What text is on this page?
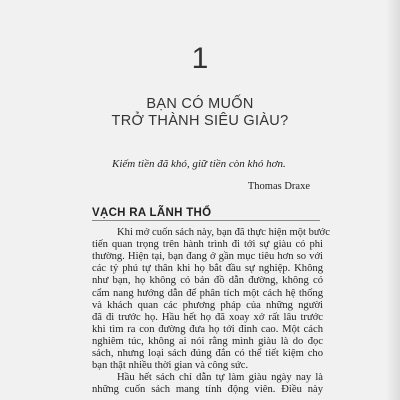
1
BẠN CÓ MUỐN
TRỞ THÀNH SIÊU GIÀU?
Kiếm tiền đã khó, giữ tiền còn khó hơn.
Thomas Draxe
VẠCH RA LÃNH THỔ
Khi mở cuốn sách này, bạn đã thực hiện một bước
tiến quan trọng trên hành trình đi tới sự giàu có phi
thường. Hiện tại, bạn đang ở gần mục tiêu hơn so với
các tỷ phú tự thân khi họ bắt đầu sự nghiệp. Không
như bạn, họ không có bản đồ dẫn đường, không có
cẩm nang hướng dẫn để phân tích một cách hệ thống
và khách quan các phương pháp của những người
đã đi trước họ. Hầu hết họ đã xoay xở rất lâu trước
khi tìm ra con đường đưa họ tới đỉnh cao. Một cách
nghiêm túc, không ai nói rằng mình giàu là do đọc
sách, nhưng loại sách đúng đắn có thể tiết kiệm cho
bạn thật nhiều thời gian và công sức.
Hầu hết sách chỉ dẫn tự làm giàu ngày nay là
những cuốn sách mang tính động viên. Điều này
